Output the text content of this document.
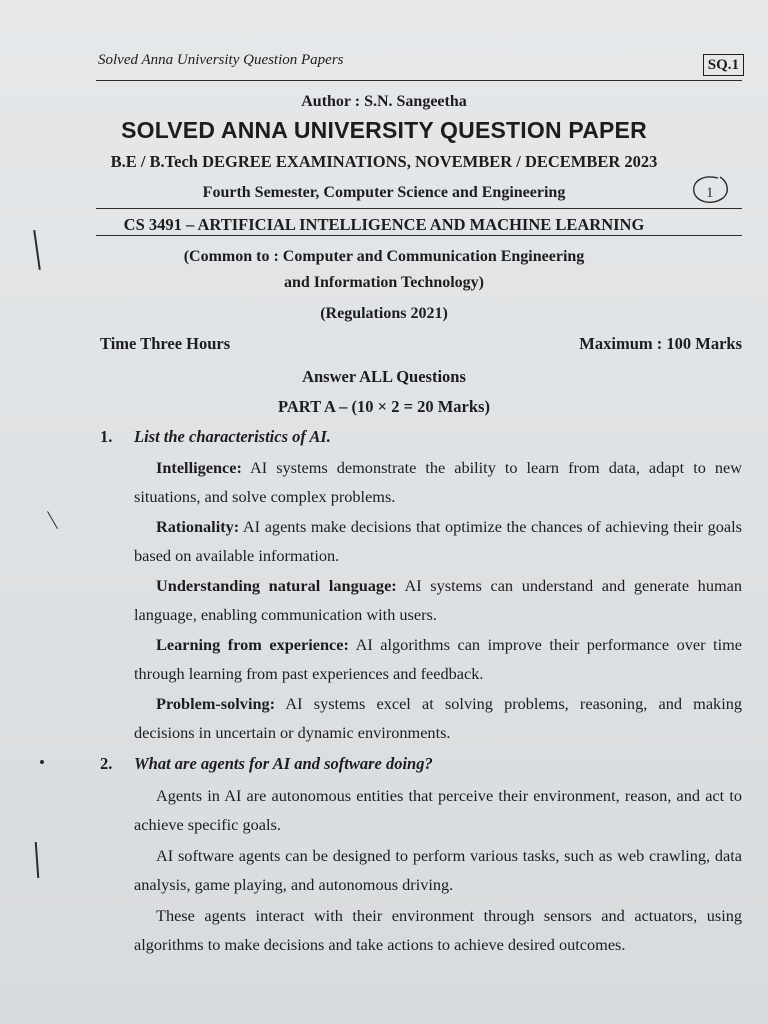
Solved Anna University Question Papers	SQ.1
Author : S.N. Sangeetha
SOLVED ANNA UNIVERSITY QUESTION PAPER
B.E / B.Tech DEGREE EXAMINATIONS, NOVEMBER / DECEMBER 2023
Fourth Semester, Computer Science and Engineering	1
CS 3491 – ARTIFICIAL INTELLIGENCE AND MACHINE LEARNING
(Common to : Computer and Communication Engineering
and Information Technology)
(Regulations 2021)
Time Three Hours	Maximum : 100 Marks
Answer ALL Questions
PART A – (10 × 2 = 20 Marks)
1. List the characteristics of AI.

Intelligence: AI systems demonstrate the ability to learn from data, adapt to new situations, and solve complex problems.

Rationality: AI agents make decisions that optimize the chances of achieving their goals based on available information.

Understanding natural language: AI systems can understand and generate human language, enabling communication with users.

Learning from experience: AI algorithms can improve their performance over time through learning from past experiences and feedback.

Problem-solving: AI systems excel at solving problems, reasoning, and making decisions in uncertain or dynamic environments.

2. What are agents for AI and software doing?

Agents in AI are autonomous entities that perceive their environment, reason, and act to achieve specific goals.

AI software agents can be designed to perform various tasks, such as web crawling, data analysis, game playing, and autonomous driving.

These agents interact with their environment through sensors and actuators, using algorithms to make decisions and take actions to achieve desired outcomes.
